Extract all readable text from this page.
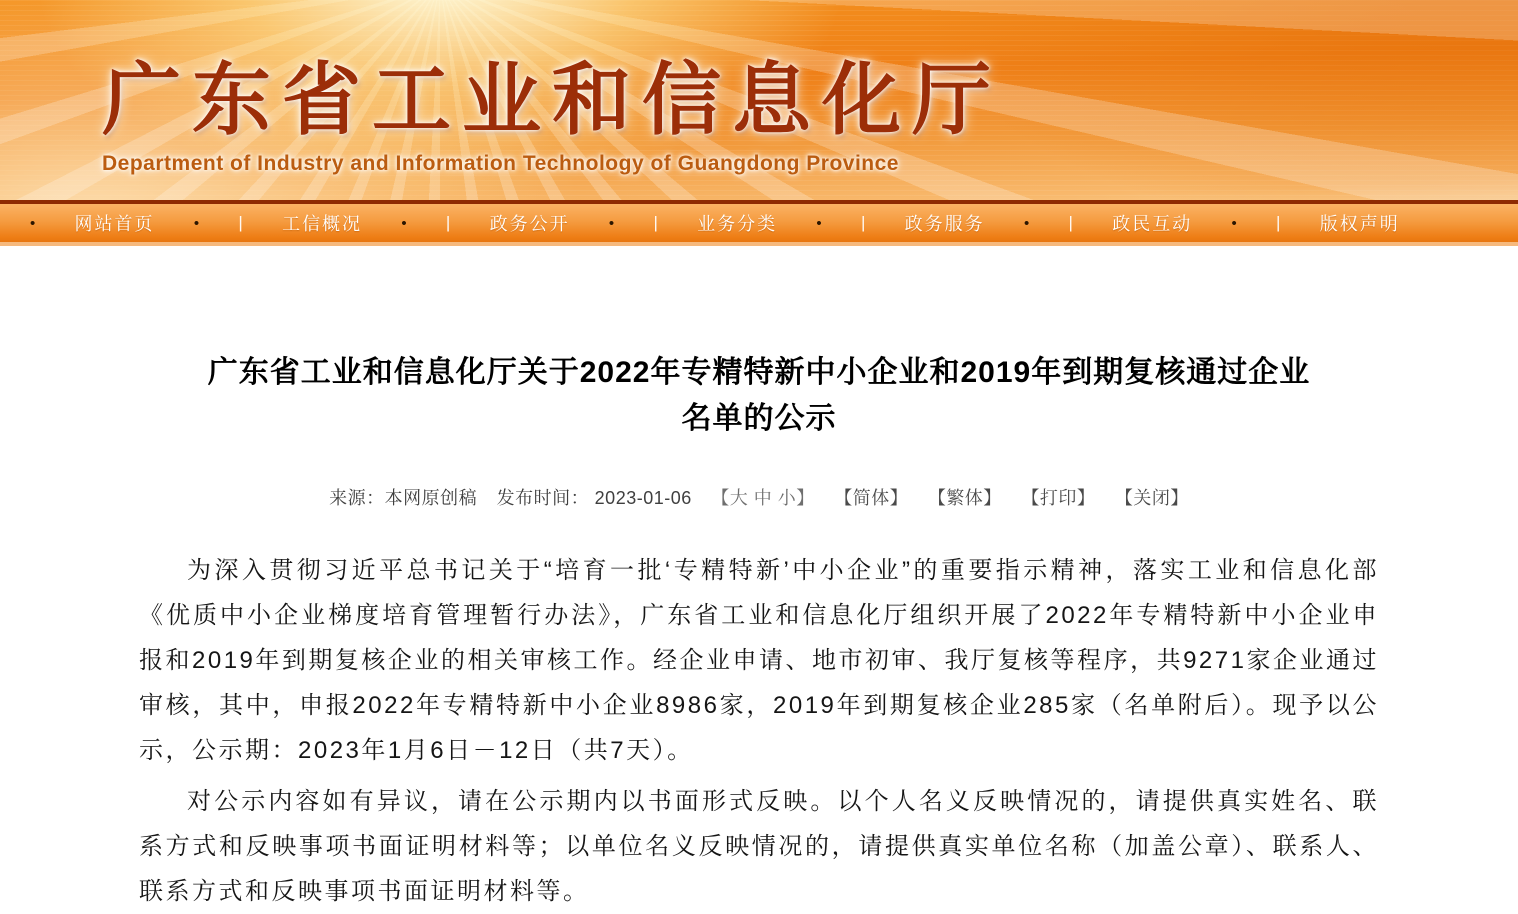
广东省工业和信息化厅
Department of Industry and Information Technology of Guangdong Province
• 网站首页	• | 工信概况	• | 政务公开	• | 业务分类	• | 政务服务	• | 政民互动	• | 版权声明
广东省工业和信息化厅关于2022年专精特新中小企业和2019年到期复核通过企业
名单的公示
来源：本网原创稿 发布时间： 2023-01-06 【大 中 小】 【简体】 【繁体】 【打印】 【关闭】

为深入贯彻习近平总书记关于“培育一批‘专精特新’中小企业”的重要指示精神，落实工业和信息化部《优质中小企业梯度培育管理暂行办法》，广东省工业和信息化厅组织开展了2022年专精特新中小企业申报和2019年到期复核企业的相关审核工作。经企业申请、地市初审、我厅复核等程序，共9271家企业通过审核，其中，申报2022年专精特新中小企业8986家，2019年到期复核企业285家（名单附后）。现予以公示，公示期：2023年1月6日－12日（共7天）。

对公示内容如有异议，请在公示期内以书面形式反映。以个人名义反映情况的，请提供真实姓名、联系方式和反映事项书面证明材料等；以单位名义反映情况的，请提供真实单位名称（加盖公章）、联系人、联系方式和反映事项书面证明材料等。
